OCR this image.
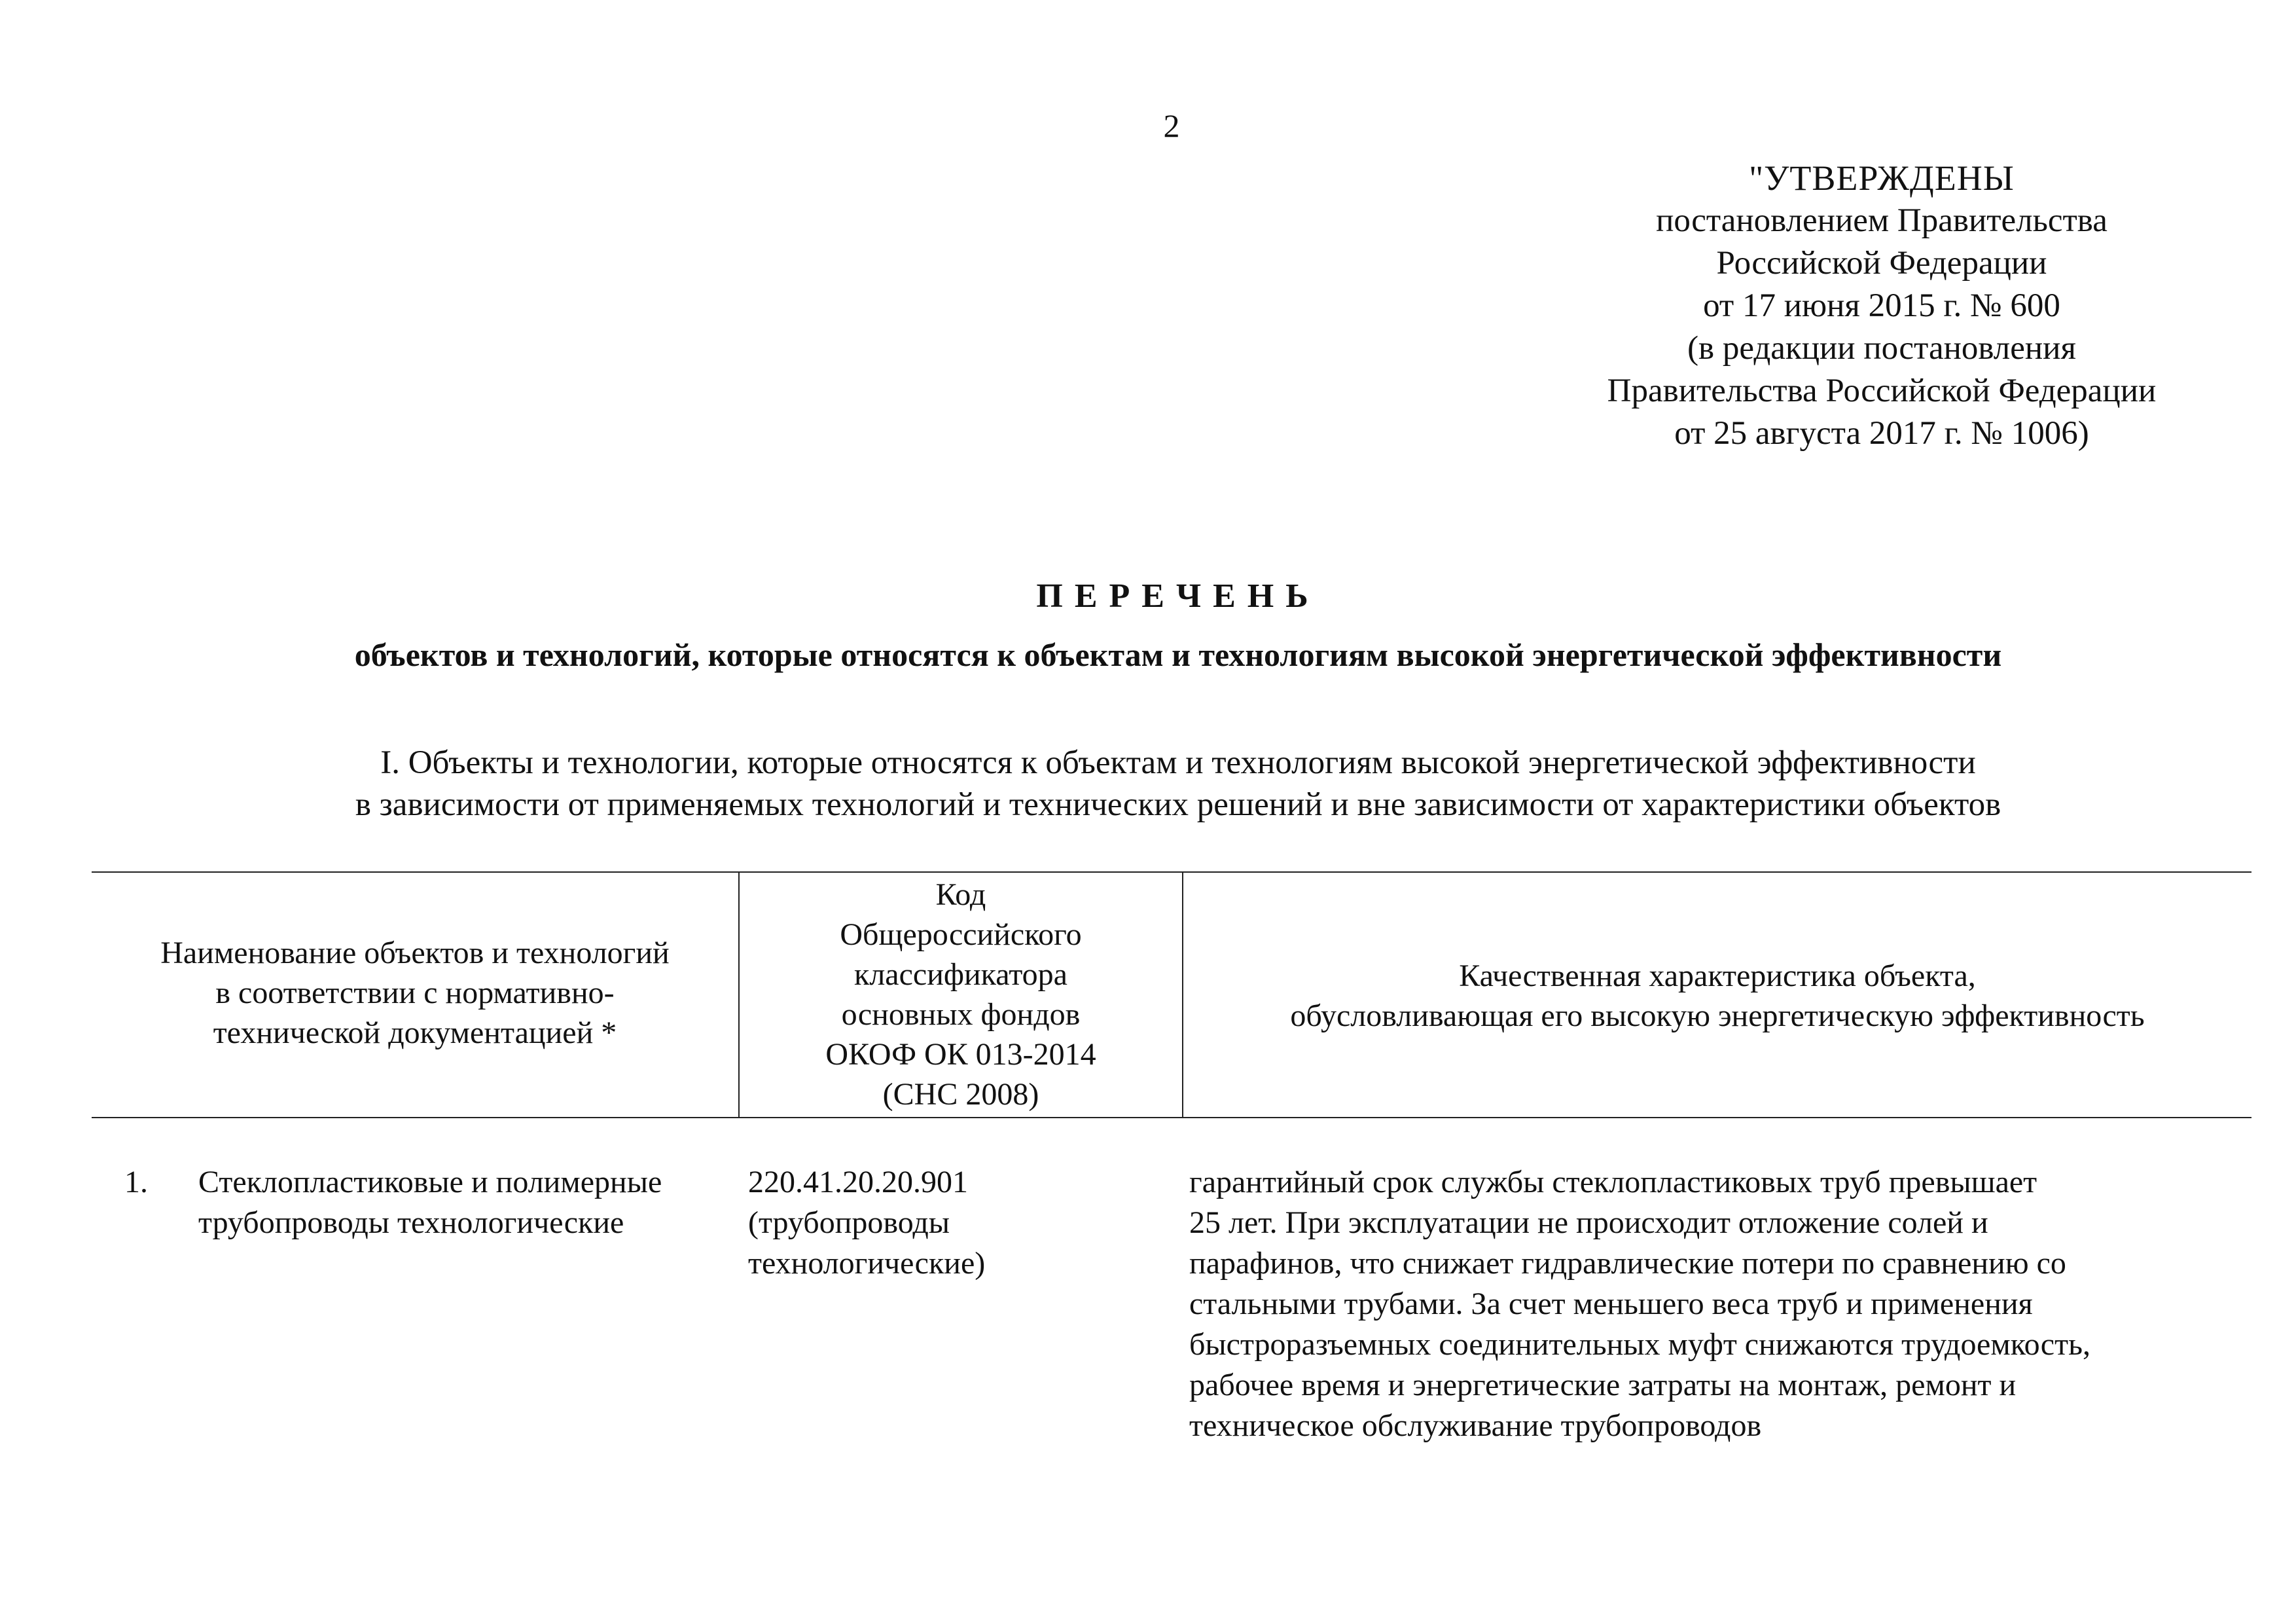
2
"УТВЕРЖДЕНЫ
постановлением Правительства
Российской Федерации
от 17 июня 2015 г. № 600
(в редакции постановления
Правительства Российской Федерации
от 25 августа 2017 г. № 1006)
ПЕРЕЧЕНЬ
объектов и технологий, которые относятся к объектам и технологиям высокой энергетической эффективности
I. Объекты и технологии, которые относятся к объектам и технологиям высокой энергетической эффективности
в зависимости от применяемых технологий и технических решений и вне зависимости от характеристики объектов
Наименование объектов и технологий
в соответствии с нормативно-
технической документацией *
Код
Общероссийского
классификатора
основных фондов
ОКОФ ОК 013-2014
(СНС 2008)
Качественная характеристика объекта,
обусловливающая его высокую энергетическую эффективность
1. Стеклопластиковые и полимерные
трубопроводы технологические
220.41.20.20.901
(трубопроводы
технологические)
гарантийный срок службы стеклопластиковых труб превышает
25 лет. При эксплуатации не происходит отложение солей и
парафинов, что снижает гидравлические потери по сравнению со
стальными трубами. За счет меньшего веса труб и применения
быстроразъемных соединительных муфт снижаются трудоемкость,
рабочее время и энергетические затраты на монтаж, ремонт и
техническое обслуживание трубопроводов
